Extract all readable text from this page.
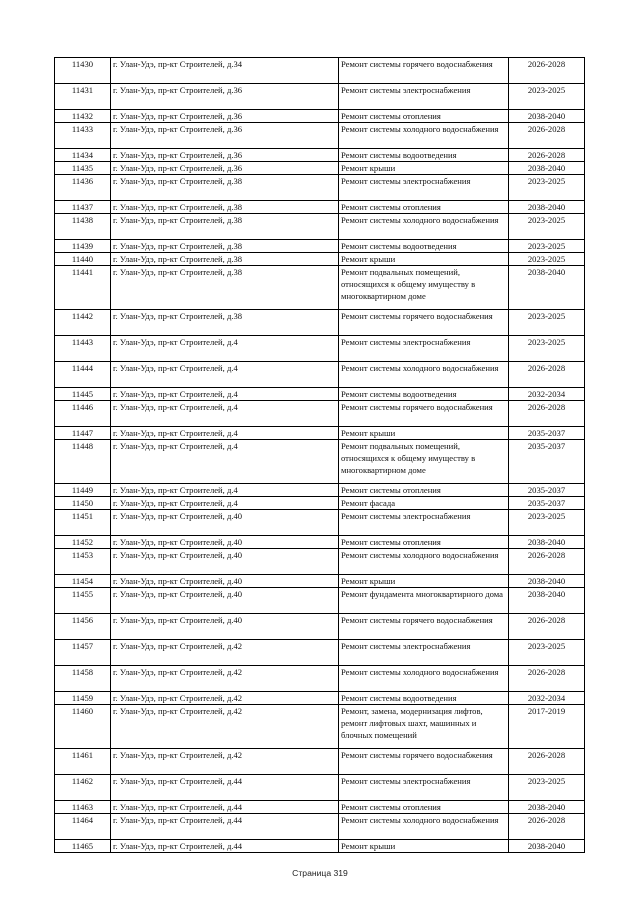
11430	г. Улан-Удэ, пр-кт Строителей, д.34	Ремонт системы горячего водоснабжения	2026-2028
11431	г. Улан-Удэ, пр-кт Строителей, д.36	Ремонт системы электроснабжения	2023-2025
11432	г. Улан-Удэ, пр-кт Строителей, д.36	Ремонт системы отопления	2038-2040
11433	г. Улан-Удэ, пр-кт Строителей, д.36	Ремонт системы холодного водоснабжения	2026-2028
11434	г. Улан-Удэ, пр-кт Строителей, д.36	Ремонт системы водоотведения	2026-2028
11435	г. Улан-Удэ, пр-кт Строителей, д.36	Ремонт крыши	2038-2040
11436	г. Улан-Удэ, пр-кт Строителей, д.38	Ремонт системы электроснабжения	2023-2025
11437	г. Улан-Удэ, пр-кт Строителей, д.38	Ремонт системы отопления	2038-2040
11438	г. Улан-Удэ, пр-кт Строителей, д.38	Ремонт системы холодного водоснабжения	2023-2025
11439	г. Улан-Удэ, пр-кт Строителей, д.38	Ремонт системы водоотведения	2023-2025
11440	г. Улан-Удэ, пр-кт Строителей, д.38	Ремонт крыши	2023-2025
11441	г. Улан-Удэ, пр-кт Строителей, д.38	Ремонт подвальных помещений, относящихся к общему имуществу в многоквартирном доме	2038-2040
11442	г. Улан-Удэ, пр-кт Строителей, д.38	Ремонт системы горячего водоснабжения	2023-2025
11443	г. Улан-Удэ, пр-кт Строителей, д.4	Ремонт системы электроснабжения	2023-2025
11444	г. Улан-Удэ, пр-кт Строителей, д.4	Ремонт системы холодного водоснабжения	2026-2028
11445	г. Улан-Удэ, пр-кт Строителей, д.4	Ремонт системы водоотведения	2032-2034
11446	г. Улан-Удэ, пр-кт Строителей, д.4	Ремонт системы горячего водоснабжения	2026-2028
11447	г. Улан-Удэ, пр-кт Строителей, д.4	Ремонт крыши	2035-2037
11448	г. Улан-Удэ, пр-кт Строителей, д.4	Ремонт подвальных помещений, относящихся к общему имуществу в многоквартирном доме	2035-2037
11449	г. Улан-Удэ, пр-кт Строителей, д.4	Ремонт системы отопления	2035-2037
11450	г. Улан-Удэ, пр-кт Строителей, д.4	Ремонт фасада	2035-2037
11451	г. Улан-Удэ, пр-кт Строителей, д.40	Ремонт системы электроснабжения	2023-2025
11452	г. Улан-Удэ, пр-кт Строителей, д.40	Ремонт системы отопления	2038-2040
11453	г. Улан-Удэ, пр-кт Строителей, д.40	Ремонт системы холодного водоснабжения	2026-2028
11454	г. Улан-Удэ, пр-кт Строителей, д.40	Ремонт крыши	2038-2040
11455	г. Улан-Удэ, пр-кт Строителей, д.40	Ремонт фундамента многоквартирного дома	2038-2040
11456	г. Улан-Удэ, пр-кт Строителей, д.40	Ремонт системы горячего водоснабжения	2026-2028
11457	г. Улан-Удэ, пр-кт Строителей, д.42	Ремонт системы электроснабжения	2023-2025
11458	г. Улан-Удэ, пр-кт Строителей, д.42	Ремонт системы холодного водоснабжения	2026-2028
11459	г. Улан-Удэ, пр-кт Строителей, д.42	Ремонт системы водоотведения	2032-2034
11460	г. Улан-Удэ, пр-кт Строителей, д.42	Ремонт, замена, модернизация лифтов, ремонт лифтовых шахт, машинных и блочных помещений	2017-2019
11461	г. Улан-Удэ, пр-кт Строителей, д.42	Ремонт системы горячего водоснабжения	2026-2028
11462	г. Улан-Удэ, пр-кт Строителей, д.44	Ремонт системы электроснабжения	2023-2025
11463	г. Улан-Удэ, пр-кт Строителей, д.44	Ремонт системы отопления	2038-2040
11464	г. Улан-Удэ, пр-кт Строителей, д.44	Ремонт системы холодного водоснабжения	2026-2028
11465	г. Улан-Удэ, пр-кт Строителей, д.44	Ремонт крыши	2038-2040
Страница 319
